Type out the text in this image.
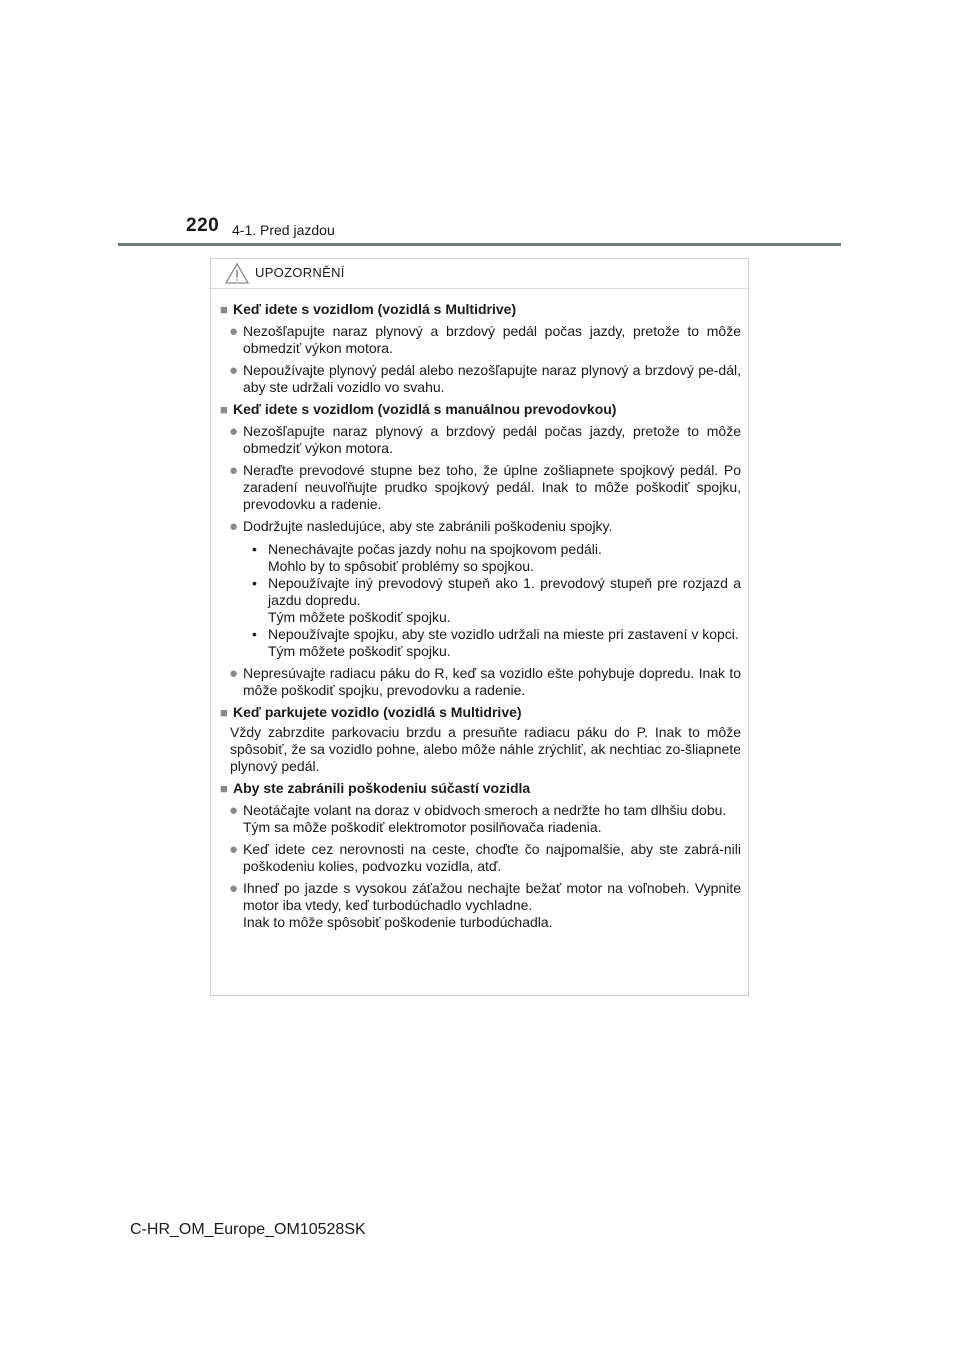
220 4-1. Pred jazdou
UPOZORNĚNÍ
■ Keď idete s vozidlom (vozidlá s Multidrive)
● Nezošľapujte naraz plynový a brzdový pedál počas jazdy, pretože to môže obmedziť výkon motora.
● Nepoužívajte plynový pedál alebo nezošľapujte naraz plynový a brzdový pe-dál, aby ste udržali vozidlo vo svahu.
■ Keď idete s vozidlom (vozidlá s manuálnou prevodovkou)
● Nezošľapujte naraz plynový a brzdový pedál počas jazdy, pretože to môže obmedziť výkon motora.
● Neraďte prevodové stupne bez toho, že úplne zošliapnete spojkový pedál. Po zaradení neuvoľňujte prudko spojkový pedál. Inak to môže poškodiť spojku, prevodovku a radenie.
● Dodržujte nasledujúce, aby ste zabránili poškodeniu spojky.
• Nenechávajte počas jazdy nohu na spojkovom pedáli.
Mohlo by to spôsobiť problémy so spojkou.
• Nepoužívajte iný prevodový stupeň ako 1. prevodový stupeň pre rozjazd a jazdu dopredu.
Tým môžete poškodiť spojku.
• Nepoužívajte spojku, aby ste vozidlo udržali na mieste pri zastavení v kopci.
Tým môžete poškodiť spojku.
● Nepresúvajte radiacu páku do R, keď sa vozidlo ešte pohybuje dopredu. Inak to môže poškodiť spojku, prevodovku a radenie.
■ Keď parkujete vozidlo (vozidlá s Multidrive)
Vždy zabrzdite parkovaciu brzdu a presuňte radiacu páku do P. Inak to môže spôsobiť, že sa vozidlo pohne, alebo môže náhle zrýchliť, ak nechtiac zo-šliapnete plynový pedál.
■ Aby ste zabránili poškodeniu súčastí vozidla
● Neotáčajte volant na doraz v obidvoch smeroch a nedržte ho tam dlhšiu dobu.
Tým sa môže poškodiť elektromotor posilňovača riadenia.
● Keď idete cez nerovnosti na ceste, choďte čo najpomalšie, aby ste zabrá-nili poškodeniu kolies, podvozku vozidla, atď.
● Ihneď po jazde s vysokou záťažou nechajte bežať motor na voľnobeh. Vypnite motor iba vtedy, keď turbodúchadlo vychladne.
Inak to môže spôsobiť poškodenie turbodúchadla.
C-HR_OM_Europe_OM10528SK
